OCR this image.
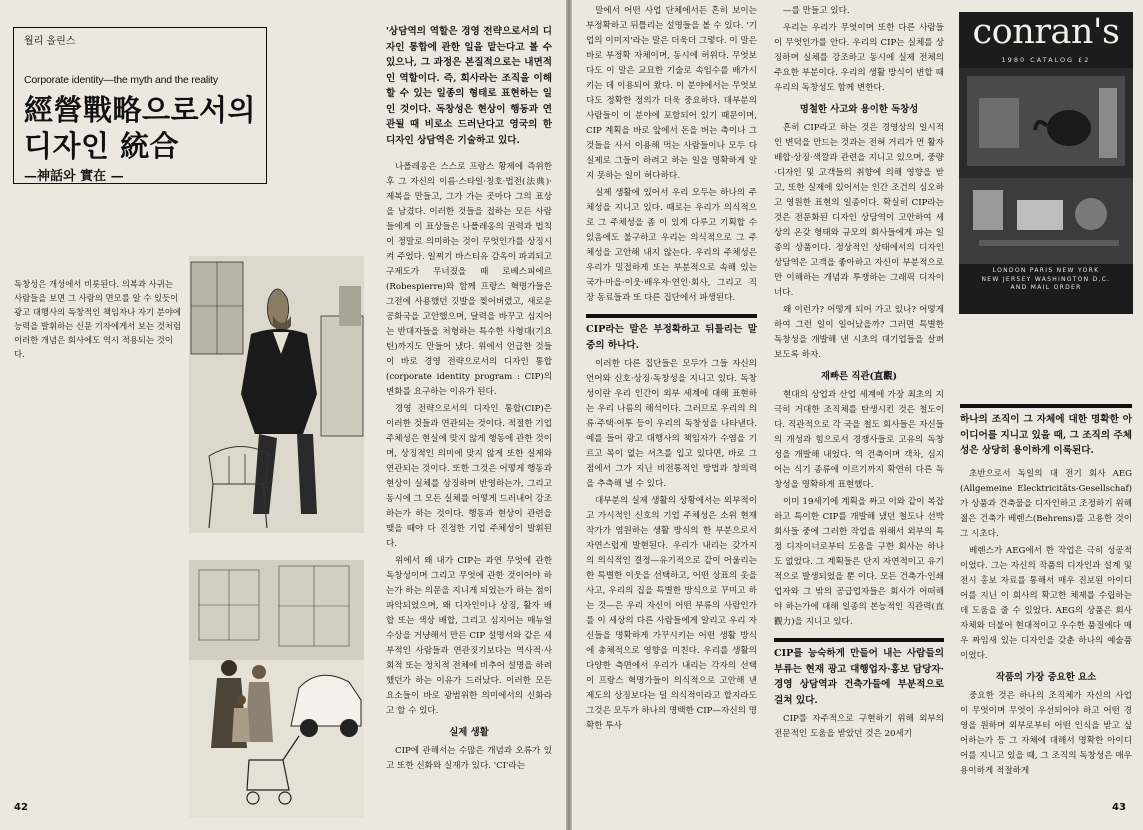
월리 올린스
Corporate identity—the myth and the reality
經營戰略으로서의
디자인 統合
—神話와 實在 —
독창성은 개성에서 비롯된다. 의복과 사귀는 사람들을 보면 그 사람의 면모를 알 수 있듯이 광고 대행사의 독창적인 책임자나 자기 분야에 능력을 발휘하는 신문 기자에게서 보는 것처럼 이러한 개념은 회사에도 역시 적용되는 것이다.
'상담역의 역할은 경영 전략으로서의 디자인 통합에 관한 일을 맡는다고 볼 수 있으나, 그 과정은 본질적으로는 내면적인 역할이다. 즉, 회사라는 조직을 이해할 수 있는 일종의 형태로 표현하는 일인 것이다. 독창성은 현상이 행동과 연관될 때 비로소 드러난다고 영국의 한 디자인 상담역은 기술하고 있다.

나폴레옹은 스스로 프랑스 황제에 즉위한 후 그 자신의 이름·스타일·칭호·법전(法典)·제복을 만들고, 그가 가는 곳마다 그의 표상을 남겼다. 이러한 것들을 접하는 모든 사람들에게 이 표상들은 나폴레옹의 권력과 법칙이 정말로 의미하는 것이 무엇인가를 상징시켜 주었다. 일찌기 바스티유 감옥이 파괴되고 구제도가 무너졌을 때 로베스피에르(Robespierre)와 함께 프랑스 혁명가들은 그전에 사용했던 깃발을 찢어버렸고, 새로운 공화국을 고안했으며, 달력을 바꾸고 심지어는 반대자들을 처형하는 특수한 사형대(기요틴)까지도 만들어 냈다. 위에서 언급한 것들이 바로 경영 전략으로서의 디자인 통합(corporate identity program : CIP)의 변화를 요구하는 이유가 된다.

경영 전략으로서의 디자인 통합(CIP)은 이러한 것들과 연관되는 것이다. 적절한 기업 주체성은 현실에 맞지 않게 행동에 관한 것이며, 상징적인 의미에 맞지 않게 또한 실제와 연관되는 것이다. 또한 그것은 어떻게 행동과 현상이 실체를 상징하며 반영하는가, 그리고 동시에 그 모든 실체를 어떻게 드러내어 강조하는가 하는 것이다. 행동과 현상이 관련을 맺을 때야 다 진정한 기업 주체성이 발휘된다.

위에서 왜 내가 CIP는 과연 무엇에 관한 독창성이며 그리고 무엇에 관한 것이어야 하는가 하는 의문을 지니게 되었는가 하는 점이 파악되었으며, 왜 디자인이나 상징, 활자 배합 또는 색상 배합, 그리고 심지어는 매뉴얼 수상을 거냥해서 만든 CIP 설명서와 같은 세부적인 사람들과 연관짓기보다는 역사적·사회적 또는 정치적 전체에 비추어 설명을 하려 했던가 하는 이유가 드러났다. 이러한 모든 요소들이 바로 광범위한 의미에서의 신화라고 할 수 있다.

실제 생활

CIP에 관해서는 수많은 개념과 오류가 있고 또한 신화와 실재가 있다. 'CI'라는

42

말에서 어떤 사업 단체에서든 흔히 보이는 부정확하고 뒤틀리는 설명들을 볼 수 있다. '기업의 이미지'라는 말은 더욱더 그렇다. 이 말은 바로 부정확 자체이며, 동시에 허위다. 무엇보다도 이 말은 교묘한 기술로 속임수를 배가시키는 데 이용되어 왔다. 이 분야에서는 무엇보다도 정확한 정의가 더욱 중요하다. 대부분의 사람들이 이 분야에 포함되어 있기 때문이며, CIP 계획을 바로 앞에서 돈을 버는 측이나 그것들을 사서 이용해 먹는 사람들이나 모두 다 실제로 그들이 하려고 하는 일을 명확하게 알지 못하는 일이 허다하다.

실제 생활에 있어서 우리 모두는 하나의 주체성을 지니고 있다. 때로는 우리가 의식적으로 그 주체성을 좀 이 있게 다루고 기획할 수 있음에도 불구하고 우리는 의식적으로 그 주체성을 고안해 내지 않는다. 우리의 주체성은 우리가 밀접하게 또는 부분적으로 속해 있는 국가·마을·이웃·배우자·연인·회사, 그리고 직장 동료들과 또 다른 집단에서 파생된다.

CIP라는 말은 부정확하고 뒤틀리는 말 중의 하나다.

이러한 다른 집단들은 모두가 그들 자신의 언어와 신호·상징·독창성을 지니고 있다. 독창성이란 우리 인간이 외부 세계에 대해 표현하는 우리 나름의 해석이다. 그러므로 우리의 의류·주택·어투 등이 우리의 독창성을 나타낸다. 예를 들어 광고 대행사의 책임자가 수염을 기르고 목이 없는 셔츠를 입고 있다면, 바로 그 점에서 그가 지닌 비전통적인 방법과 창의력을 추측해 낼 수 있다.

대부분의 실제 생활의 상황에서는 외부적이고 가시적인 신호의 기업 주체성은 소위 현재 작가가 염원하는 생활 방식의 한 부분으로서 자연스럽게 발현된다. 우리가 내리는 갖가지의 의식적인 결정—유기적으로 같이 어울리는 한 특별한 이웃을 선택하고, 어떤 상표의 옷을 사고, 우리의 집을 특별한 방식으로 꾸미고 하는 것—은 우리 자신이 어떤 부류의 사람인가를 이 세상의 다른 사람들에게 알리고 우리 자신들을 명확하게 가꾸시키는 어떤 생활 방식에 총체적으로 영향을 미친다. 우리를 생활의 다양한 측면에서 우리가 내리는 각자의 선택이 프랑스 혁명가들이 의식적으로 고안해 낸 제도의 상징보다는 덜 의식적이라고 할지라도 그것은 모두가 하나의 명백한 CIP—자신의 명확한 투사

—를 만들고 있다.

우리는 우리가 무엇이며 또한 다른 사람들이 무엇인가를 안다. 우리의 CIP는 실체를 상징하며 실체를 강조하고 동시에 실제 전체의 주요한 부분이다. 우리의 생활 방식이 변할 때 우리의 독창성도 함께 변한다.

명철한 사고와 용이한 독창성

흔히 CIP라고 하는 것은 경영상의 일시적인 변덕을 만드는 것과는 전혀 거리가 먼 활자 배합·상징·색깔과 관련을 지니고 있으며, 중량·디자인 및 고객들의 취향에 의해 영향을 받고, 또한 실제에 있어서는 인간 조건의 심오하고 영원한 표현의 일종이다. 확실히 CIP라는 것은 전문화된 디자인 상담역이 고안하여 세상의 온갖 형태와 규모의 회사들에게 파는 일종의 상품이다. 정상적인 상태에서의 디자인 상담역은 고객을 좋아하고 자신이 부분적으로만 이해하는 개념과 투쟁하는 그래픽 디자이너다.

왜 이런가? 어떻게 되어 가고 있나? 어떻게 하여 그런 일이 일어났을까? 그러면 특별한 독창성을 개발해 낸 시초의 대기업들을 살펴보도록 하자.

재빠른 직관(直觀)

현대의 상업과 산업 세계에 가장 최초의 지극히 거대한 조직체를 탄생시킨 것은 철도이다. 직관적으로 각 국을 철도 회사들은 자신들의 개성과 힘으로서 경쟁사들로 고유의 독창성을 개발해 내었다. 역 건축이며 객차, 심지어는 식기 종류에 이르기까지 확연히 다른 독창성을 명확하게 표현했다.

이미 19세기에 계획을 짜고 이와 같이 복잡하고 특이한 CIP를 개발해 냈던 철도나 선박 회사들 중에 그러한 작업을 위해서 외부의 특정 디자이너로부터 도움을 구한 회사는 하나도 없었다. 그 계획들은 단지 자연적이고 유기적으로 발생되었을 뿐 이다. 모든 건축가·인쇄업자와 그 밖의 공급업자들은 회사가 어떠해야 하는가에 대해 일종의 본능적인 직관력(直觀力)을 지니고 있다.

CIP를 능숙하게 만들어 내는 사람들의 부류는 현재 광고 대행업자·홍보 담당자·경영 상담역과 건축가들에 부분적으로 걸쳐 있다.

CIP를 자주적으로 구현하기 위해 외부의 전문적인 도움을 받았던 것은 20세기

하나의 조직이 그 자체에 대한 명확한 아이디어를 지니고 있을 때, 그 조직의 주체성은 상당히 용이하게 이룩된다.

초반으로서 독일의 대 전기 회사 AEG (Allgemeine Elecktricitäts-Gesellschaf)가 상품과 건축물을 디자인하고 조정하기 위해 젊은 건축가 베렌스(Behrens)를 고용한 것이 그 시초다.

베렌스가 AEG에서 한 작업은 극히 성공적이었다. 그는 자신의 작품의 디자인과 설계 및 전시 홍보 자료를 통해서 매우 진보된 아이디어를 지닌 이 회사의 확고한 체제를 수립하는 데 도움을 줄 수 있었다. AEG의 상품은 회사 자체와 더불어 현대적이고 우수한 품질에다 매우 짜임새 있는 디자인을 갖춘 하나의 예술품이었다.

작품의 가장 중요한 요소

중요한 것은 하나의 조직체가 자신의 사업이 무엇이며 무엇이 우선되어야 하고 어떤 경영을 원하며 외부로부터 어떤 인식을 받고 싶어하는가 등 그 자체에 대해서 명확한 아이디어를 지니고 있을 때, 그 조직의 독창성은 매우 용이하게 적절하게

43
conran's
1980 CATALOG £2
LONDON PARIS NEW YORK
NEW JERSEY WASHINGTON D.C.
AND MAIL ORDER
